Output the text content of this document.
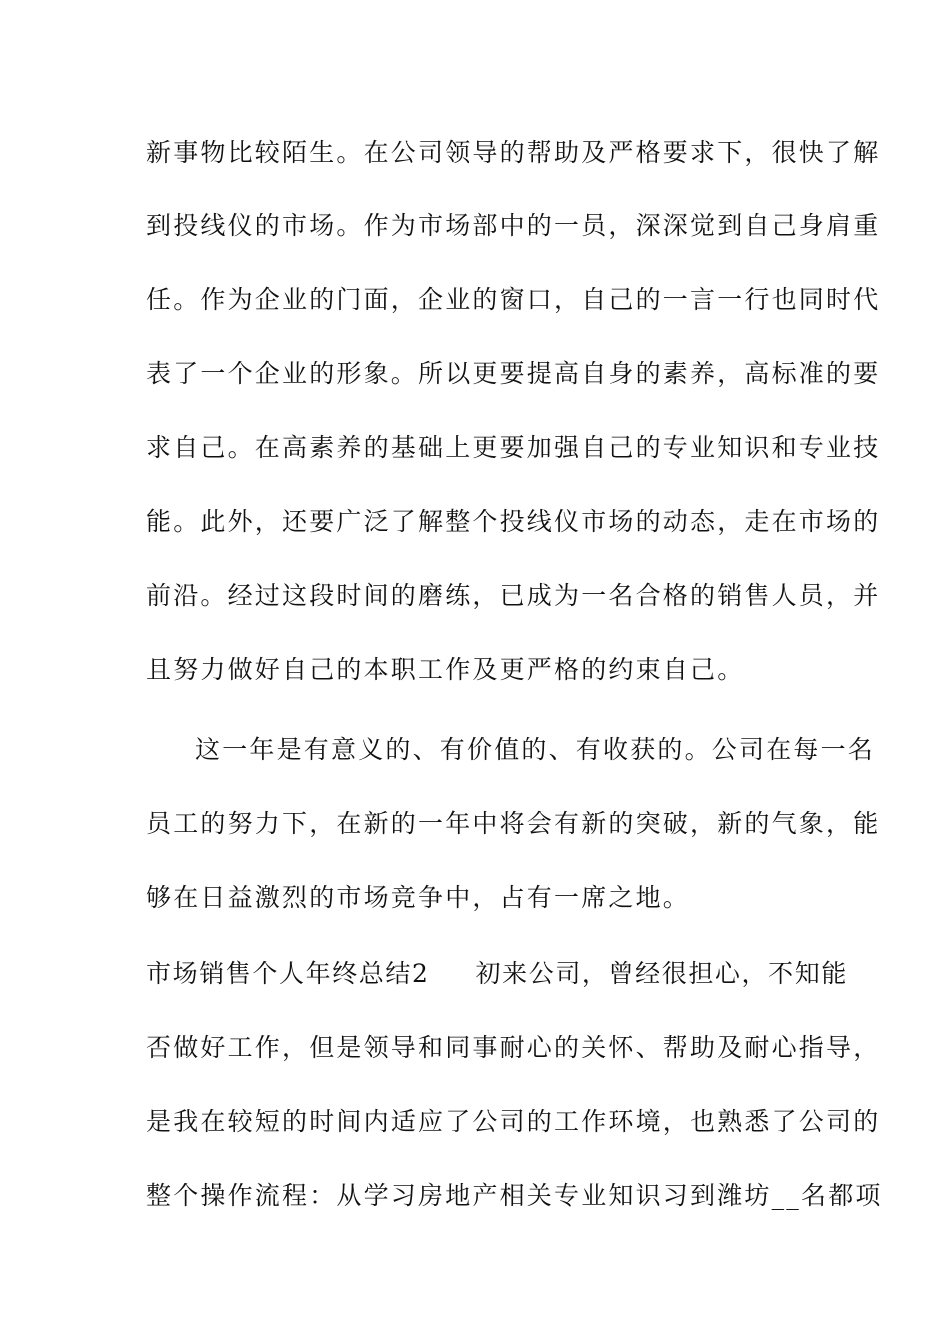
新事物比较陌生。在公司领导的帮助及严格要求下，很快了解
到投线仪的市场。作为市场部中的一员，深深觉到自己身肩重
任。作为企业的门面，企业的窗口，自己的一言一行也同时代
表了一个企业的形象。所以更要提高自身的素养，高标准的要
求自己。在高素养的基础上更要加强自己的专业知识和专业技
能。此外，还要广泛了解整个投线仪市场的动态，走在市场的
前沿。经过这段时间的磨练，已成为一名合格的销售人员，并
且努力做好自己的本职工作及更严格的约束自己。
这一年是有意义的、有价值的、有收获的。公司在每一名
员工的努力下，在新的一年中将会有新的突破，新的气象，能
够在日益激烈的市场竞争中，占有一席之地。
市场销售个人年终总结2 初来公司，曾经很担心，不知能
否做好工作，但是领导和同事耐心的关怀、帮助及耐心指导，
是我在较短的时间内适应了公司的工作环境，也熟悉了公司的
整个操作流程：从学习房地产相关专业知识习到潍坊__名都项
